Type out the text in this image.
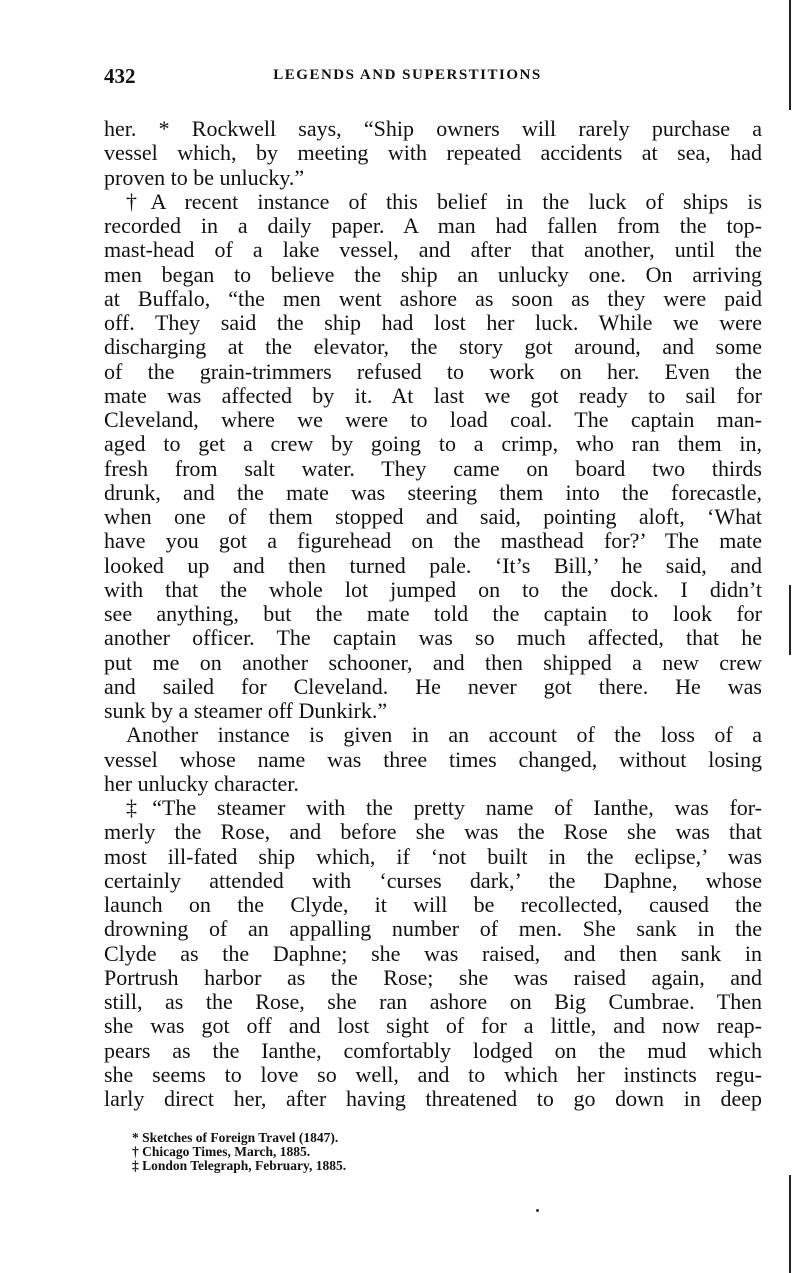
432	LEGENDS AND SUPERSTITIONS
her. * Rockwell says, “Ship owners will rarely purchase a
vessel which, by meeting with repeated accidents at sea, had
proven to be unlucky.”
†A recent instance of this belief in the luck of ships is
recorded in a daily paper. A man had fallen from the top-
mast-head of a lake vessel, and after that another, until the
men began to believe the ship an unlucky one. On arriving
at Buffalo, “the men went ashore as soon as they were paid
off. They said the ship had lost her luck. While we were
discharging at the elevator, the story got around, and some
of the grain-trimmers refused to work on her. Even the
mate was affected by it. At last we got ready to sail for
Cleveland, where we were to load coal. The captain man-
aged to get a crew by going to a crimp, who ran them in,
fresh from salt water. They came on board two thirds
drunk, and the mate was steering them into the forecastle,
when one of them stopped and said, pointing aloft, ‘What
have you got a figurehead on the masthead for?’ The mate
looked up and then turned pale. ‘It’s Bill,’ he said, and
with that the whole lot jumped on to the dock. I didn’t
see anything, but the mate told the captain to look for
another officer. The captain was so much affected, that he
put me on another schooner, and then shipped a new crew
and sailed for Cleveland. He never got there. He was
sunk by a steamer off Dunkirk.”
Another instance is given in an account of the loss of a
vessel whose name was three times changed, without losing
her unlucky character.
‡“The steamer with the pretty name of Ianthe, was for-
merly the Rose, and before she was the Rose she was that
most ill-fated ship which, if ‘not built in the eclipse,’ was
certainly attended with ‘curses dark,’ the Daphne, whose
launch on the Clyde, it will be recollected, caused the
drowning of an appalling number of men. She sank in the
Clyde as the Daphne; she was raised, and then sank in
Portrush harbor as the Rose; she was raised again, and
still, as the Rose, she ran ashore on Big Cumbrae. Then
she was got off and lost sight of for a little, and now reap-
pears as the Ianthe, comfortably lodged on the mud which
she seems to love so well, and to which her instincts regu-
larly direct her, after having threatened to go down in deep
* Sketches of Foreign Travel (1847).
† Chicago Times, March, 1885.
‡ London Telegraph, February, 1885.
